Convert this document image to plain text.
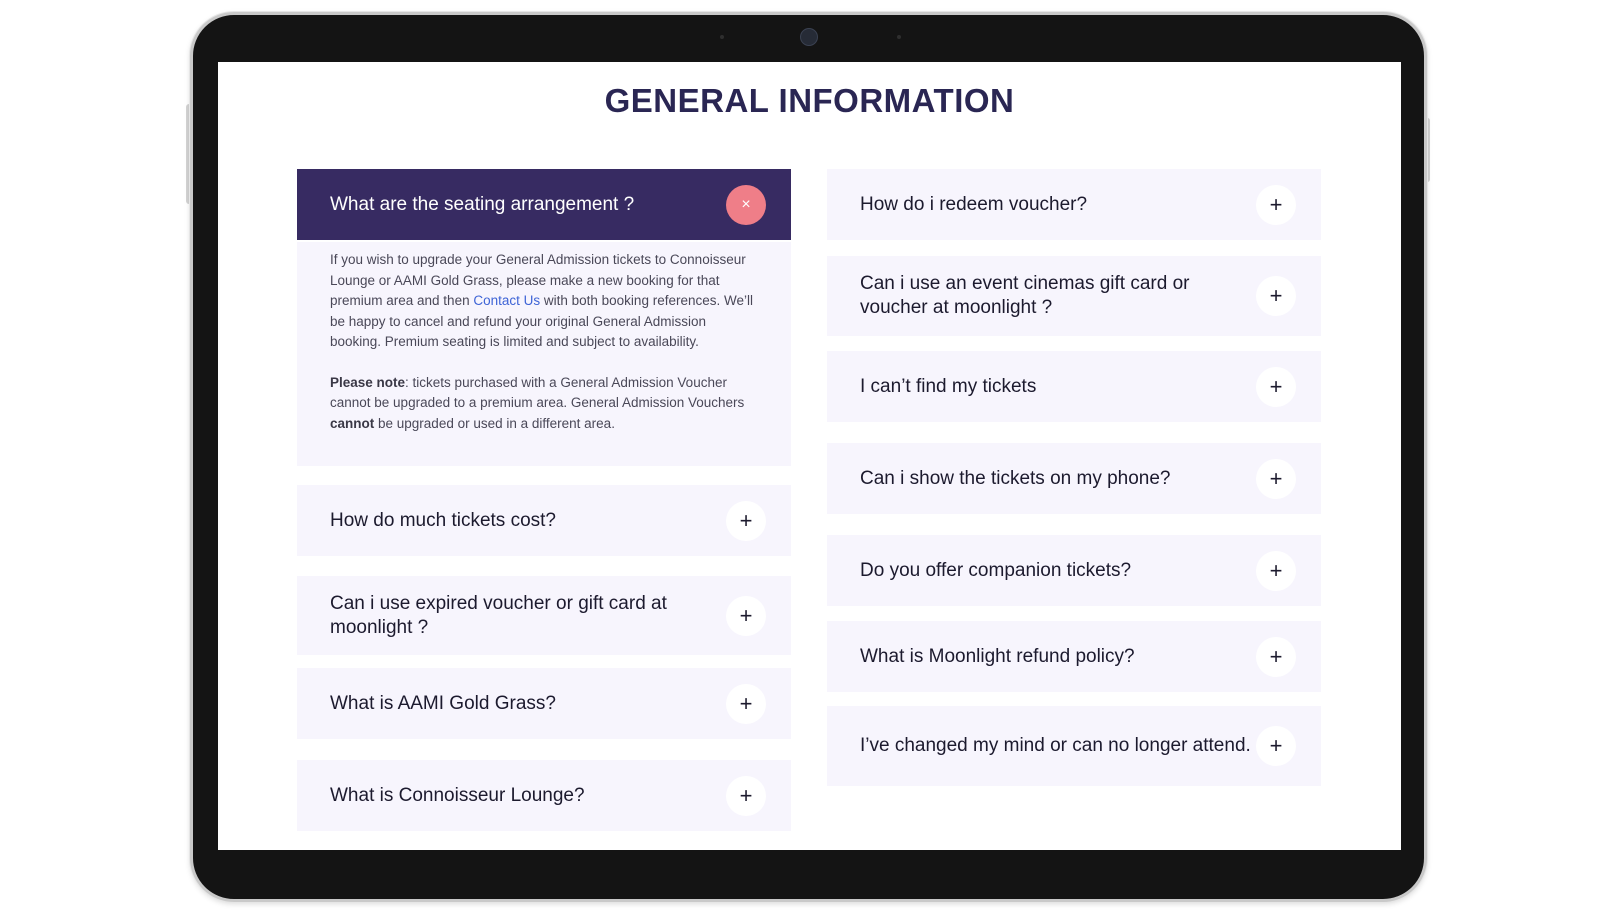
GENERAL INFORMATION
What are the seating arrangement ?	×

If you wish to upgrade your General Admission tickets to Connoisseur Lounge or AAMI Gold Grass, please make a new booking for that premium area and then Contact Us with both booking references. We’ll be happy to cancel and refund your original General Admission booking. Premium seating is limited and subject to availability.

Please note: tickets purchased with a General Admission Voucher cannot be upgraded to a premium area. General Admission Vouchers cannot be upgraded or used in a different area.

How do much tickets cost?	+
Can i use expired voucher or gift card at moonlight ?	+
What is AAMI Gold Grass?	+
What is Connoisseur Lounge?	+
How do i redeem voucher?	+
Can i use an event cinemas gift card or voucher at moonlight ?	+
I can’t find my tickets	+
Can i show the tickets on my phone?	+
Do you offer companion tickets?	+
What is Moonlight refund policy?	+
I’ve changed my mind or can no longer attend. +
